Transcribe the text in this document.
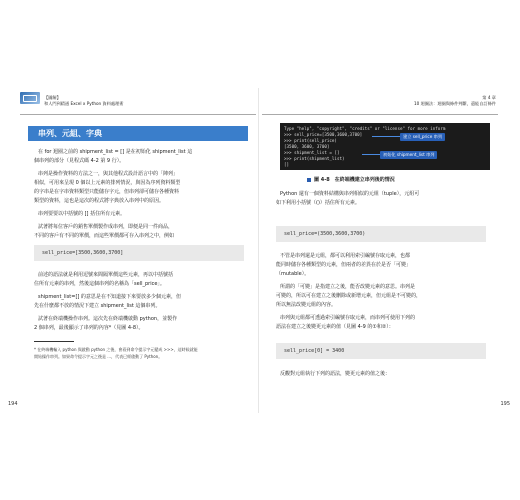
【圖解】
和人門到精通 Excel x Python 資料處理術
串列、元組、字典
在 for 迴圈之前的 shipment_list = [] 是在初始化 shipment_list 這
個串列的部分（見程式碼 4-2 第 9 行）。
串列是操作資料的方法之一，與其他程式設計語言中的「陣列」
相似，可用來呈現 0 個以上元素的排列情況，與因為序列資料類型
的字串是在字串資料類型只能儲存字元，但串列卻可儲存各種資料
類型的資料，這也是這次的程式將字典放入串列中的原因。
串列要要以中括號的 [] 括住所有元素。
試著將每位客戶的銷售單價製作成串列，即便是同一件商品，
不同的客戶有不同的單價，而這些單價都可存入串列之中，例如
sell_price=[3500,3600,3700]
前述的語法就是利用逗號來間隔單價這些元素，再以中括號括
住所有元素的串列，然後這個串列的名稱為「sell_price」。
shipment_list=[] 的意思是在不知道接下來要放多少個元素，但
先在什麼都不放的情況下建立 shipment_list 這個串列。
試著在終端機操作串列。這次先在終端機啟動 python，並製作
2 個串列，最後顯示了串列的內容*（見圖 4-8）。
* 在終端機輸入 python 與啟動 python 之後，會看到命令提示字元變成 >>>，這時候就能
開始操作串列。如果命令提示字元之後是 ...，代表已經啟動了 Python。
194
第 4 章
10 迴圈法：迴圈與條件判斷，還能自訂條件
Type "help", "copyright", "credits" or "license" for more inform
>>> sell_price=[3500,3600,3700]
>>> print(sell_price)
[3500, 3600, 3700]
>>> shipment_list = []
>>> print(shipment_list)
[]
建立 sell_price 串列
初始化 shipment_list 串列
圖 4-8　在終端機建立串列後的情況
Python 還有一個資料結構與串列相似的元組（tuple），元組可
如下利用小括號（()）括住所有元素。
sell_price=(3500,3600,3700)
不管是串列還是元組，都可以利用索引編號存取元素，也都
能同時儲存各種類型的元素，但兩者的差異在於是否「可變」
（mutable）。
所謂的「可變」是指建立之後，能否改變元素的意思。串列是
可變的，所以可在建立之後刪除或新增元素，但元組是不可變的，
所以無法改變元組的內容。
串列與元組都可透過索引編號存取元素，而串列可使用下列的
語法在建立之後變更元素的值（見圖 4-9 的①和②）：
sell_price[0] = 3400
反觀對元組執行下列的語法，變更元素的值之後：
195
